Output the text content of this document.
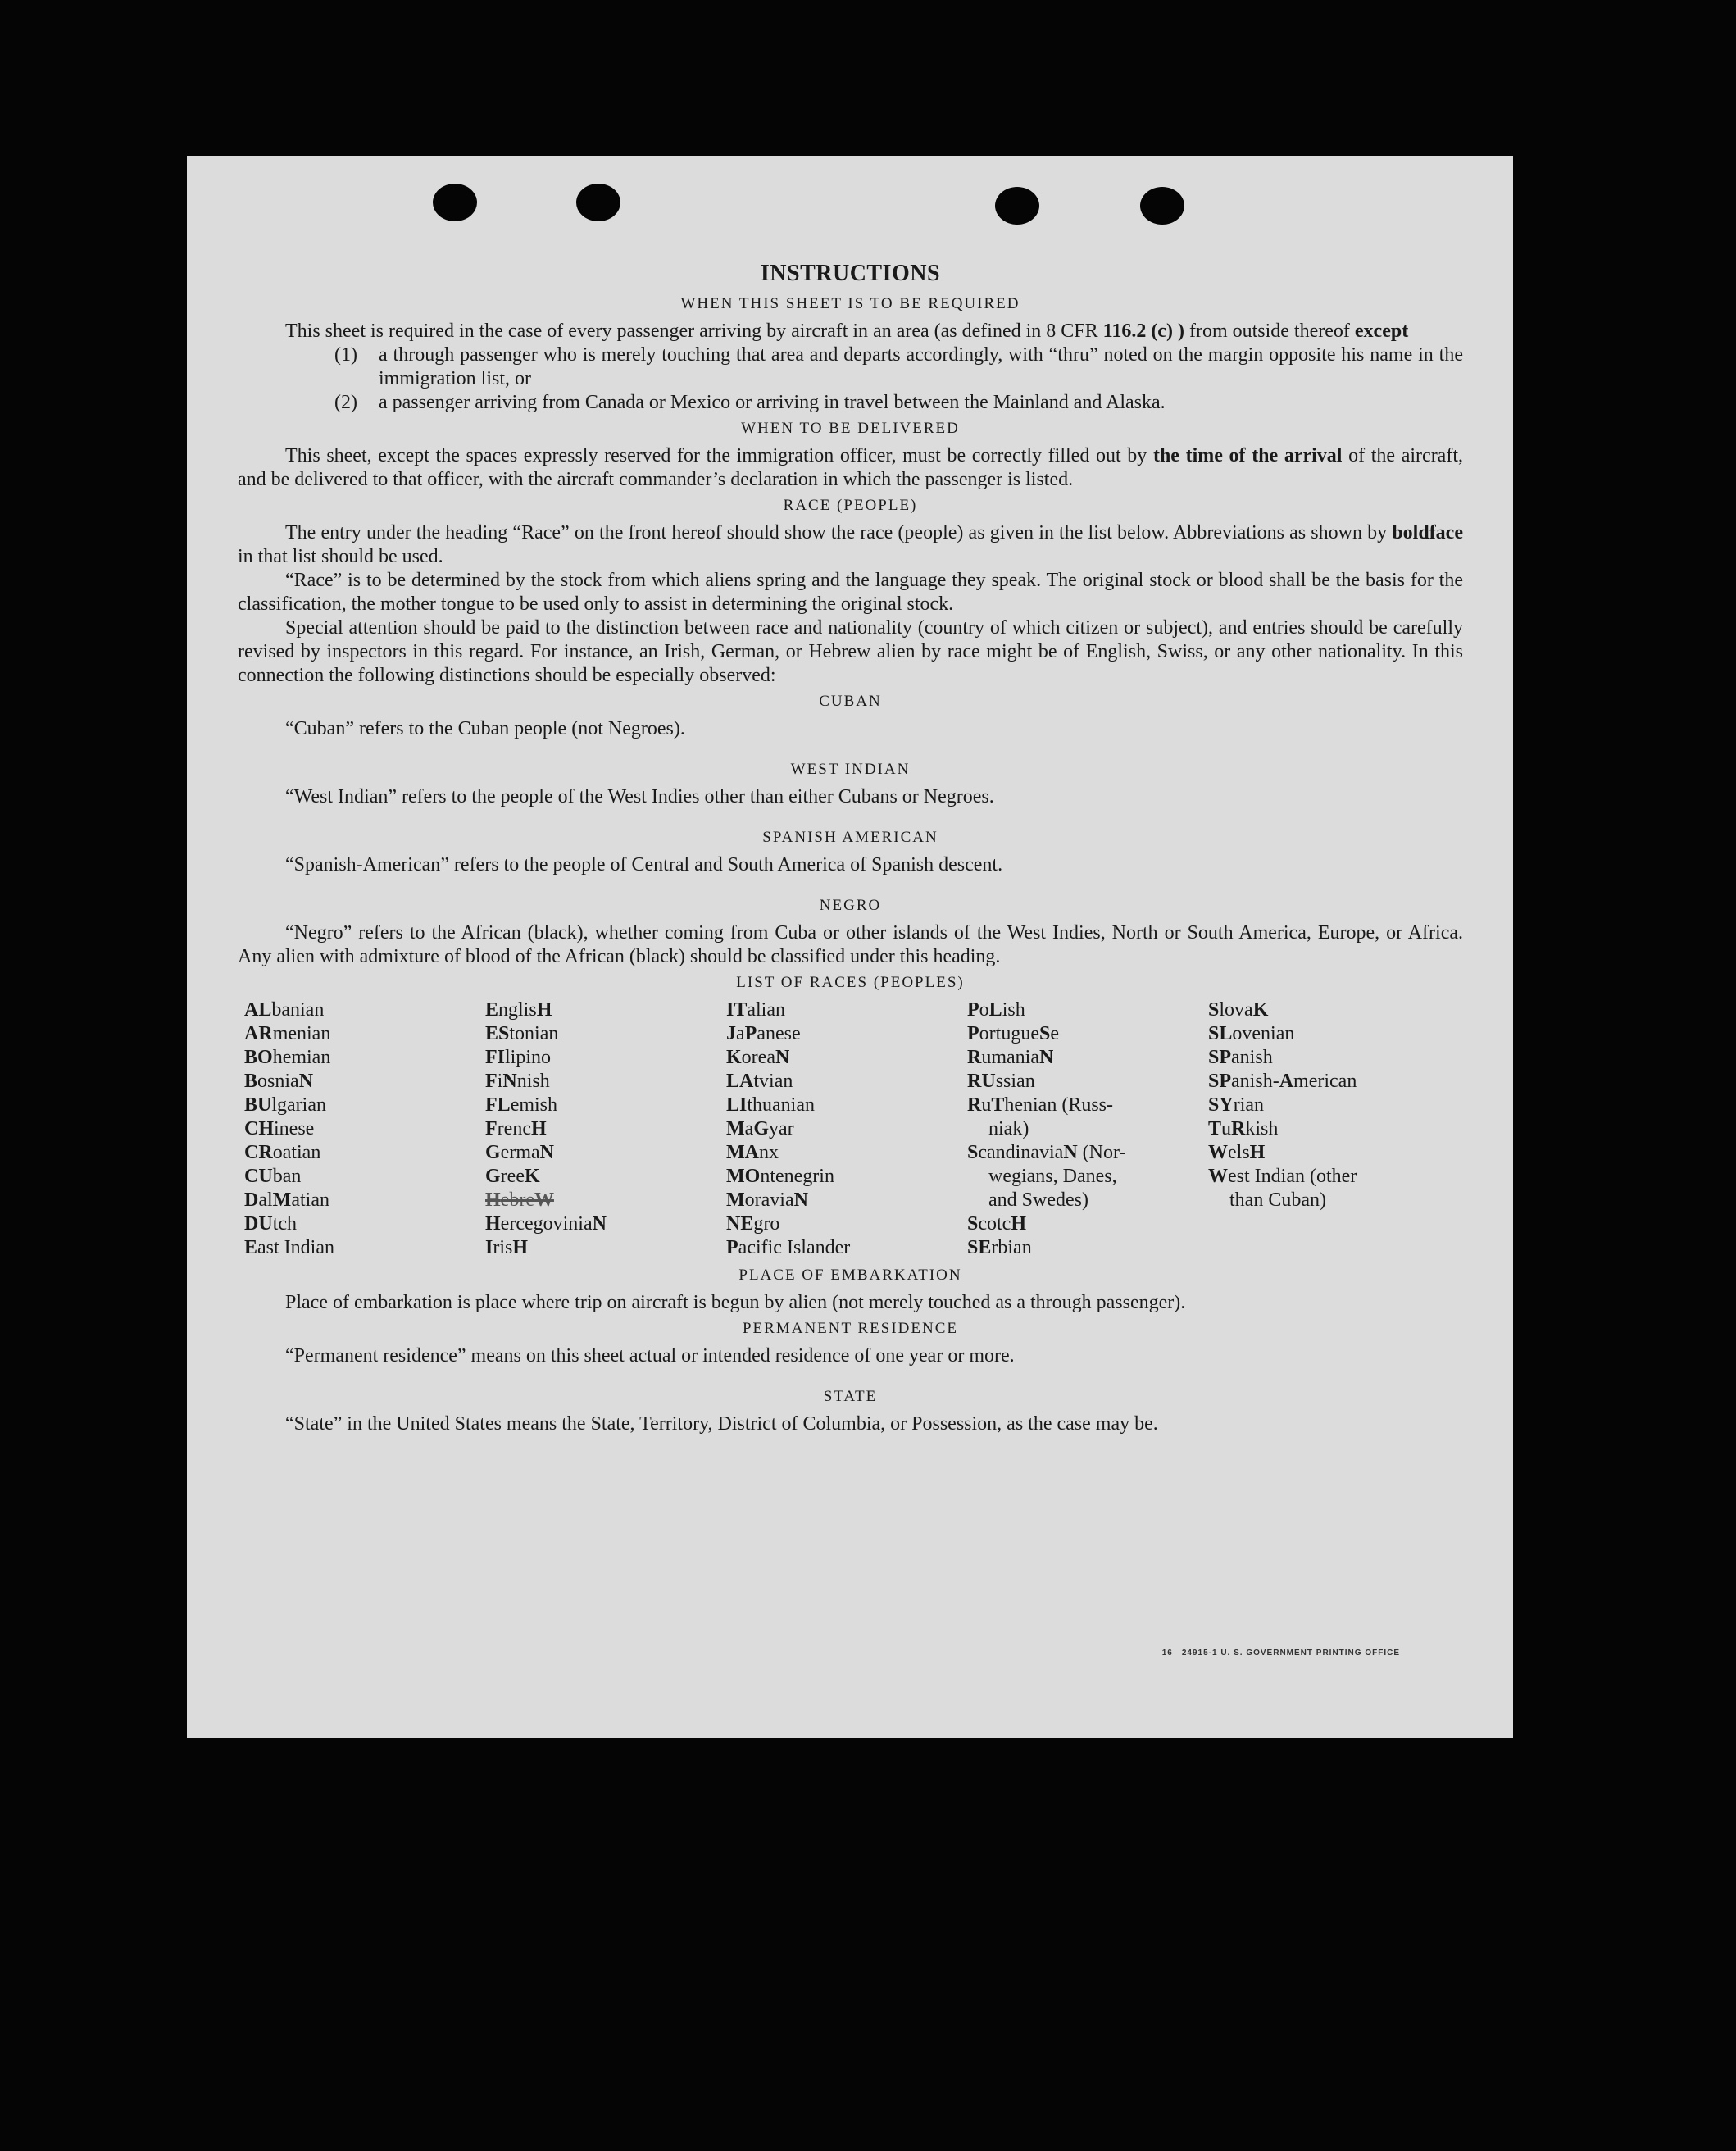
INSTRUCTIONS
WHEN THIS SHEET IS TO BE REQUIRED

This sheet is required in the case of every passenger arriving by aircraft in an area (as defined in 8 CFR 116.2 (c) ) from outside thereof except

(1)	a through passenger who is merely touching that area and departs accordingly, with “thru” noted on the margin opposite his name in the immigration list, or
(2)	a passenger arriving from Canada or Mexico or arriving in travel between the Mainland and Alaska.
WHEN TO BE DELIVERED

This sheet, except the spaces expressly reserved for the immigration officer, must be correctly filled out by the time of the arrival of the aircraft, and be delivered to that officer, with the aircraft commander’s declaration in which the passenger is listed.

RACE (PEOPLE)

The entry under the heading “Race” on the front hereof should show the race (people) as given in the list below. Abbreviations as shown by boldface in that list should be used.

“Race” is to be determined by the stock from which aliens spring and the language they speak. The original stock or blood shall be the basis for the classification, the mother tongue to be used only to assist in determining the original stock.

Special attention should be paid to the distinction between race and nationality (country of which citizen or subject), and entries should be carefully revised by inspectors in this regard. For instance, an Irish, German, or Hebrew alien by race might be of English, Swiss, or any other nationality. In this connection the following distinctions should be especially observed:

CUBAN

“Cuban” refers to the Cuban people (not Negroes).

WEST INDIAN

“West Indian” refers to the people of the West Indies other than either Cubans or Negroes.

SPANISH AMERICAN

“Spanish-American” refers to the people of Central and South America of Spanish descent.

NEGRO

“Negro” refers to the African (black), whether coming from Cuba or other islands of the West Indies, North or South America, Europe, or Africa. Any alien with admixture of blood of the African (black) should be classified under this heading.

LIST OF RACES (PEOPLES)
ALbanian
ARmenian
BOhemian
BosniaN
BUlgarian
CHinese
CRoatian
CUban
DalMatian
DUtch
East Indian
EnglisH
EStonian
FIlipino
FiNnish
FLemish
FrencH
GermaN
GreeK
HebreW
HercegoviniaN
IrisH
ITalian
JaPanese
KoreaN
LAtvian
LIthuanian
MaGyar
MAnx
MOntenegrin
MoraviaN
NEgro
Pacific Islander
PoLish
PortugueSe
RumaniaN
RUssian
RuThenian (Russ-
niak)
ScandinaviaN (Nor-
wegians, Danes,
and Swedes)
ScotcH
SErbian
SlovaK
SLovenian
SPanish
SPanish-American
SYrian
TuRkish
WelsH
West Indian (other
than Cuban)
PLACE OF EMBARKATION

Place of embarkation is place where trip on aircraft is begun by alien (not merely touched as a through passenger).

PERMANENT RESIDENCE

“Permanent residence” means on this sheet actual or intended residence of one year or more.

STATE

“State” in the United States means the State, Territory, District of Columbia, or Possession, as the case may be.

16—24915-1 U. S. GOVERNMENT PRINTING OFFICE
